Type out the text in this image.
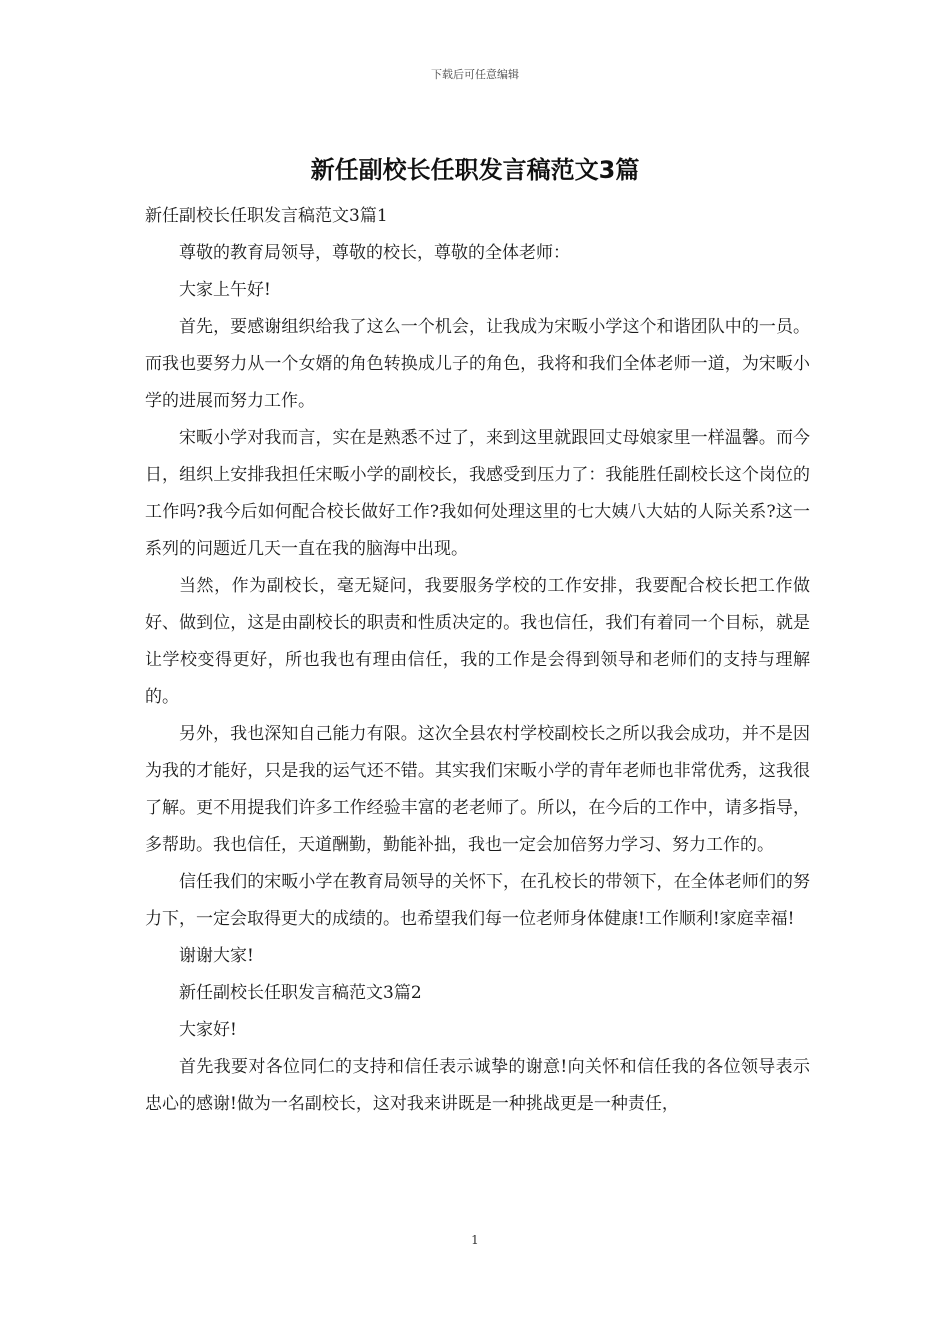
下载后可任意编辑
新任副校长任职发言稿范文3篇

新任副校长任职发言稿范文3篇1

尊敬的教育局领导，尊敬的校长，尊敬的全体老师：

大家上午好!

首先，要感谢组织给我了这么一个机会，让我成为宋畈小学这个和谐团队中的一员。而我也要努力从一个女婿的角色转换成儿子的角色，我将和我们全体老师一道，为宋畈小学的进展而努力工作。

宋畈小学对我而言，实在是熟悉不过了，来到这里就跟回丈母娘家里一样温馨。而今日，组织上安排我担任宋畈小学的副校长，我感受到压力了：我能胜任副校长这个岗位的工作吗?我今后如何配合校长做好工作?我如何处理这里的七大姨八大姑的人际关系?这一系列的问题近几天一直在我的脑海中出现。

当然，作为副校长，毫无疑问，我要服务学校的工作安排，我要配合校长把工作做好、做到位，这是由副校长的职责和性质决定的。我也信任，我们有着同一个目标，就是让学校变得更好，所也我也有理由信任，我的工作是会得到领导和老师们的支持与理解的。

另外，我也深知自己能力有限。这次全县农村学校副校长之所以我会成功，并不是因为我的才能好，只是我的运气还不错。其实我们宋畈小学的青年老师也非常优秀，这我很了解。更不用提我们许多工作经验丰富的老老师了。所以，在今后的工作中，请多指导，多帮助。我也信任，天道酬勤，勤能补拙，我也一定会加倍努力学习、努力工作的。

信任我们的宋畈小学在教育局领导的关怀下，在孔校长的带领下，在全体老师们的努力下，一定会取得更大的成绩的。也希望我们每一位老师身体健康!工作顺利!家庭幸福!

谢谢大家!

新任副校长任职发言稿范文3篇2

大家好!

首先我要对各位同仁的支持和信任表示诚挚的谢意!向关怀和信任我的各位领导表示忠心的感谢!做为一名副校长，这对我来讲既是一种挑战更是一种责任，

1
